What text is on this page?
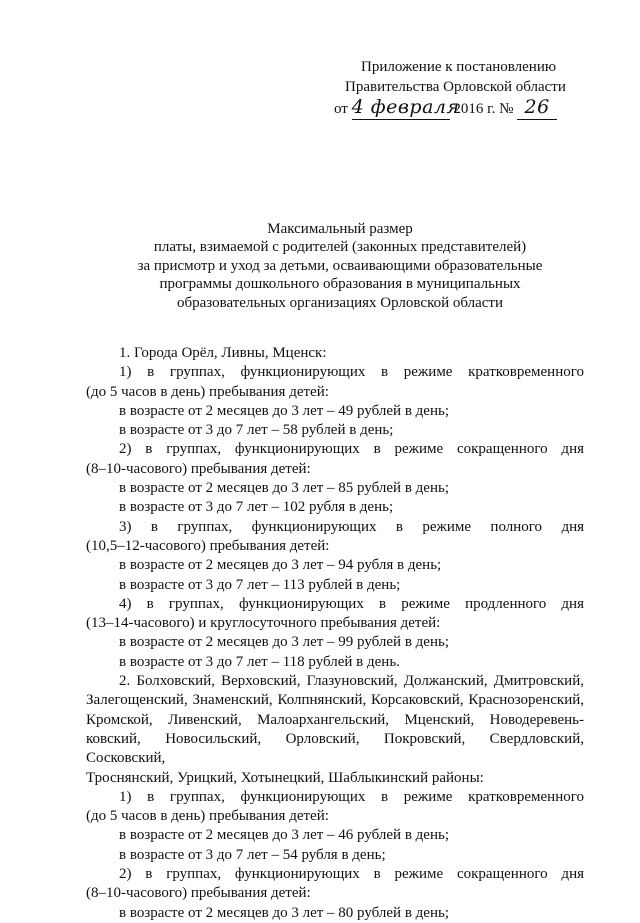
Приложение к постановлению
Правительства Орловской области
от 4 февраля 2016 г. № 26
Максимальный размер
платы, взимаемой с родителей (законных представителей)
за присмотр и уход за детьми, осваивающими образовательные
программы дошкольного образования в муниципальных
образовательных организациях Орловской области
1. Города Орёл, Ливны, Мценск:
1) в группах, функционирующих в режиме кратковременного
(до 5 часов в день) пребывания детей:
в возрасте от 2 месяцев до 3 лет – 49 рублей в день;
в возрасте от 3 до 7 лет – 58 рублей в день;
2) в группах, функционирующих в режиме сокращенного дня
(8–10-часового) пребывания детей:
в возрасте от 2 месяцев до 3 лет – 85 рублей в день;
в возрасте от 3 до 7 лет – 102 рубля в день;
3) в группах, функционирующих в режиме полного дня
(10,5–12-часового) пребывания детей:
в возрасте от 2 месяцев до 3 лет – 94 рубля в день;
в возрасте от 3 до 7 лет – 113 рублей в день;
4) в группах, функционирующих в режиме продленного дня
(13–14-часового) и круглосуточного пребывания детей:
в возрасте от 2 месяцев до 3 лет – 99 рублей в день;
в возрасте от 3 до 7 лет – 118 рублей в день.
2. Болховский, Верховский, Глазуновский, Должанский, Дмитровский,
Залегощенский, Знаменский, Колпнянский, Корсаковский, Краснозоренский,
Кромской, Ливенский, Малоархангельский, Мценский, Новодеревень-
ковский, Новосильский, Орловский, Покровский, Свердловский, Сосковский,
Троснянский, Урицкий, Хотынецкий, Шаблыкинский районы:
1) в группах, функционирующих в режиме кратковременного
(до 5 часов в день) пребывания детей:
в возрасте от 2 месяцев до 3 лет – 46 рублей в день;
в возрасте от 3 до 7 лет – 54 рубля в день;
2) в группах, функционирующих в режиме сокращенного дня
(8–10-часового) пребывания детей:
в возрасте от 2 месяцев до 3 лет – 80 рублей в день;
